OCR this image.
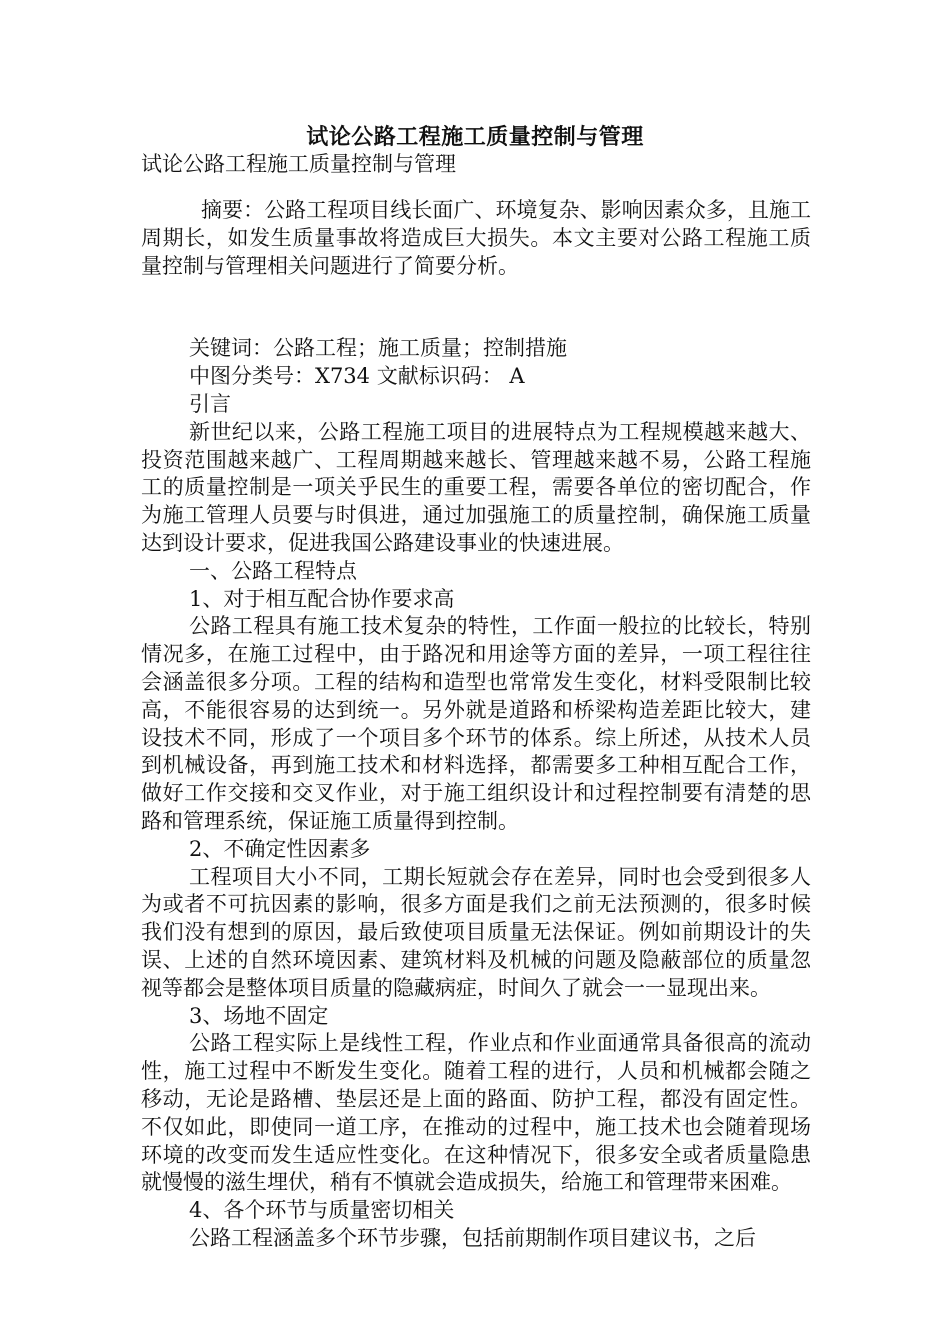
试论公路工程施工质量控制与管理
试论公路工程施工质量控制与管理

摘要：公路工程项目线长面广、环境复杂、影响因素众多，且施工周期长，如发生质量事故将造成巨大损失。本文主要对公路工程施工质量控制与管理相关问题进行了简要分析。

关键词：公路工程；施工质量；控制措施

中图分类号：X734 文献标识码： A

引言

新世纪以来，公路工程施工项目的进展特点为工程规模越来越大、投资范围越来越广、工程周期越来越长、管理越来越不易，公路工程施工的质量控制是一项关乎民生的重要工程，需要各单位的密切配合，作为施工管理人员要与时俱进，通过加强施工的质量控制，确保施工质量达到设计要求，促进我国公路建设事业的快速进展。

一、公路工程特点

1、对于相互配合协作要求高

公路工程具有施工技术复杂的特性，工作面一般拉的比较长，特别情况多，在施工过程中，由于路况和用途等方面的差异，一项工程往往会涵盖很多分项。工程的结构和造型也常常发生变化，材料受限制比较高，不能很容易的达到统一。另外就是道路和桥梁构造差距比较大，建设技术不同，形成了一个项目多个环节的体系。综上所述，从技术人员到机械设备，再到施工技术和材料选择，都需要多工种相互配合工作，做好工作交接和交叉作业，对于施工组织设计和过程控制要有清楚的思路和管理系统，保证施工质量得到控制。

2、不确定性因素多

工程项目大小不同，工期长短就会存在差异，同时也会受到很多人为或者不可抗因素的影响，很多方面是我们之前无法预测的，很多时候我们没有想到的原因，最后致使项目质量无法保证。例如前期设计的失误、上述的自然环境因素、建筑材料及机械的问题及隐蔽部位的质量忽视等都会是整体项目质量的隐藏病症，时间久了就会一一显现出来。

3、场地不固定

公路工程实际上是线性工程，作业点和作业面通常具备很高的流动性，施工过程中不断发生变化。随着工程的进行，人员和机械都会随之移动，无论是路槽、垫层还是上面的路面、防护工程，都没有固定性。不仅如此，即使同一道工序，在推动的过程中，施工技术也会随着现场环境的改变而发生适应性变化。在这种情况下，很多安全或者质量隐患就慢慢的滋生埋伏，稍有不慎就会造成损失，给施工和管理带来困难。

4、各个环节与质量密切相关

公路工程涵盖多个环节步骤，包括前期制作项目建议书，之后
